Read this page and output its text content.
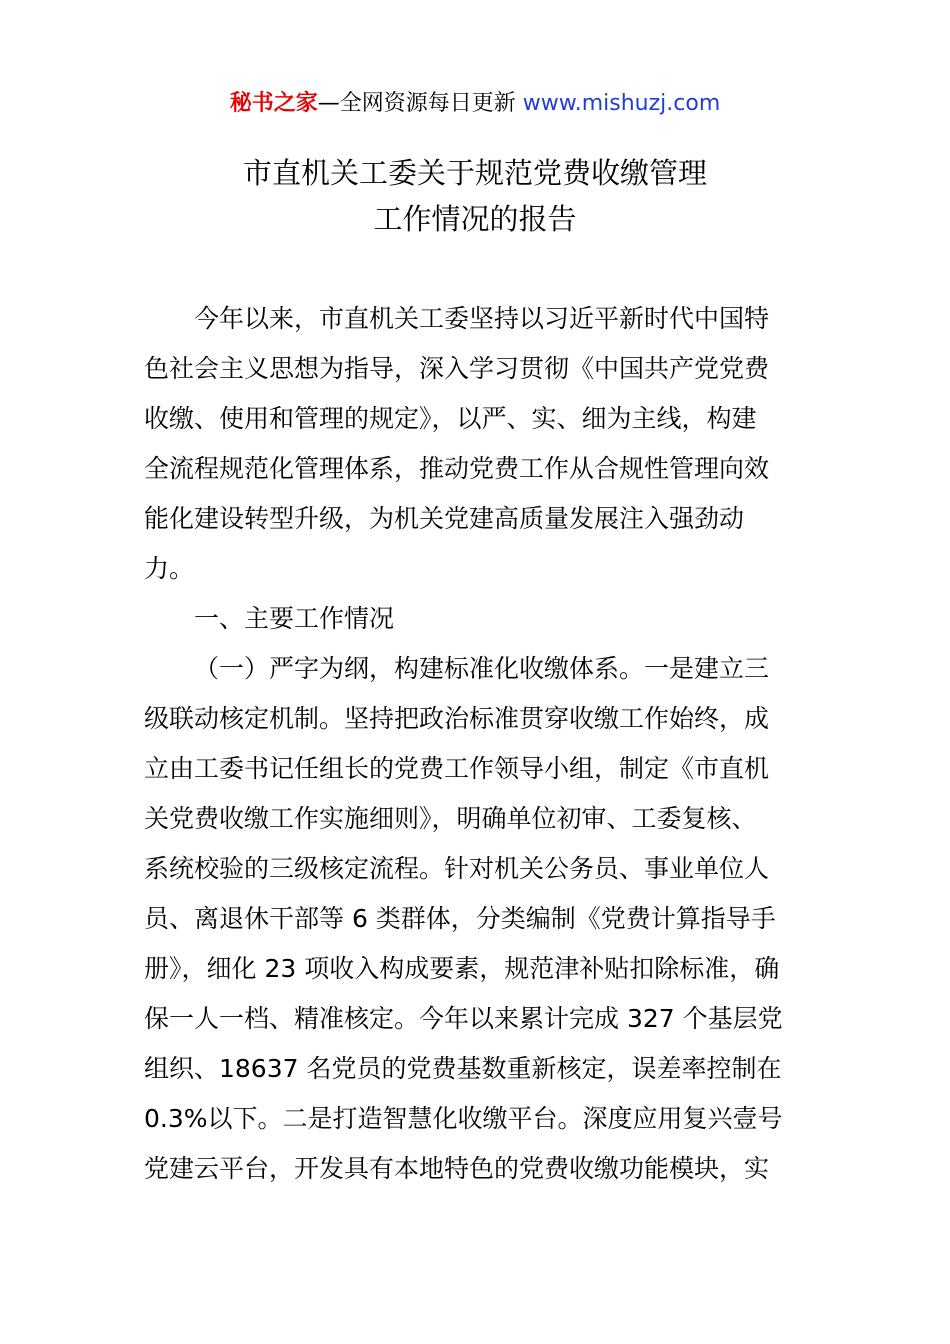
秘书之家—全网资源每日更新 www.mishuzj.com
市直机关工委关于规范党费收缴管理
工作情况的报告
今年以来，市直机关工委坚持以习近平新时代中国特
色社会主义思想为指导，深入学习贯彻《中国共产党党费
收缴、使用和管理的规定》，以严、实、细为主线，构建
全流程规范化管理体系，推动党费工作从合规性管理向效
能化建设转型升级，为机关党建高质量发展注入强劲动
力。
一、主要工作情况
（一）严字为纲，构建标准化收缴体系。一是建立三
级联动核定机制。坚持把政治标准贯穿收缴工作始终，成
立由工委书记任组长的党费工作领导小组，制定《市直机
关党费收缴工作实施细则》，明确单位初审、工委复核、
系统校验的三级核定流程。针对机关公务员、事业单位人
员、离退休干部等 6 类群体，分类编制《党费计算指导手
册》，细化 23 项收入构成要素，规范津补贴扣除标准，确
保一人一档、精准核定。今年以来累计完成 327 个基层党
组织、18637 名党员的党费基数重新核定，误差率控制在
0.3%以下。二是打造智慧化收缴平台。深度应用复兴壹号
党建云平台，开发具有本地特色的党费收缴功能模块，实
